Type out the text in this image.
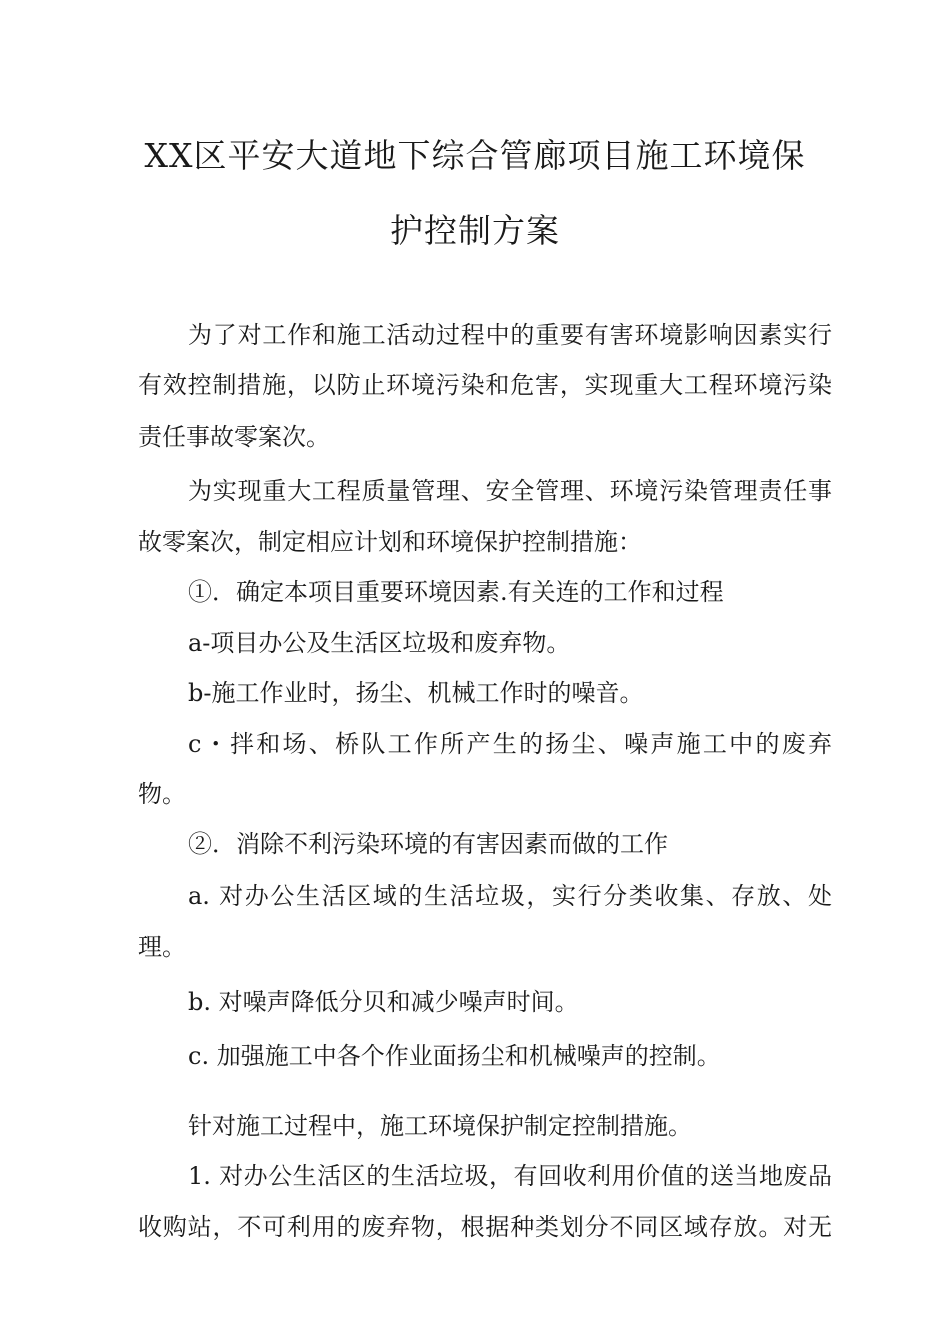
XX区平安大道地下综合管廊项目施工环境保
护控制方案

为了对工作和施工活动过程中的重要有害环境影响因素实行

有效控制措施，以防止环境污染和危害，实现重大工程环境污染

责任事故零案次。

为实现重大工程质量管理、安全管理、环境污染管理责任事

故零案次，制定相应计划和环境保护控制措施：

①．确定本项目重要环境因素.有关连的工作和过程

a-项目办公及生活区垃圾和废弃物。

b-施工作业时，扬尘、机械工作时的噪音。

c・拌和场、桥队工作所产生的扬尘、噪声施工中的废弃

物。

②．消除不利污染环境的有害因素而做的工作

a. 对办公生活区域的生活垃圾，实行分类收集、存放、处

理。

b. 对噪声降低分贝和减少噪声时间。

c. 加强施工中各个作业面扬尘和机械噪声的控制。

针对施工过程中，施工环境保护制定控制措施。

1. 对办公生活区的生活垃圾，有回收利用价值的送当地废品

收购站，不可利用的废弃物，根据种类划分不同区域存放。对无
